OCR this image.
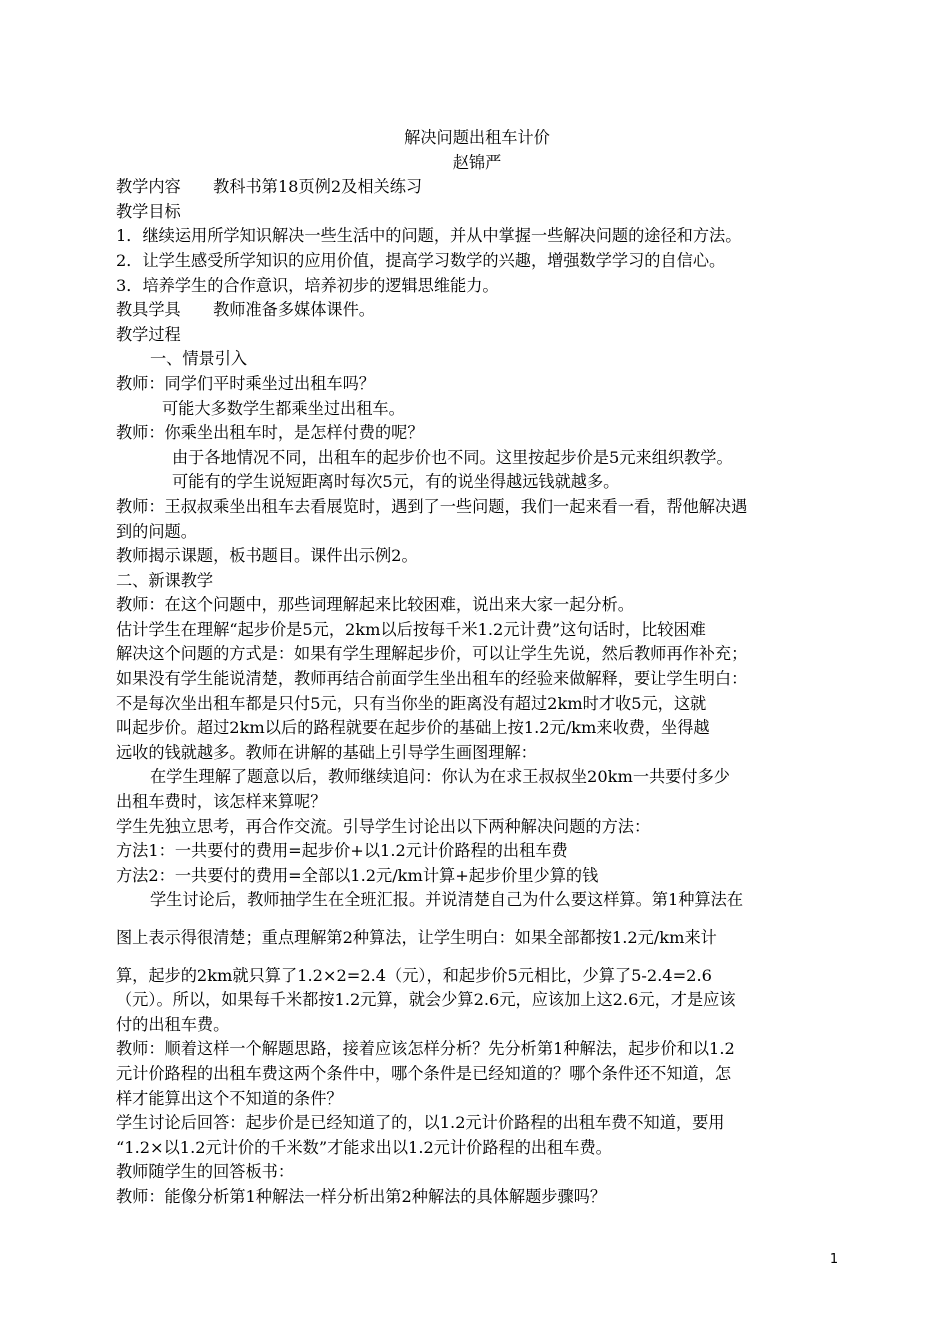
解决问题出租车计价
赵锦严
教学内容　　教科书第18页例2及相关练习
教学目标
1．继续运用所学知识解决一些生活中的问题，并从中掌握一些解决问题的途径和方法。
2．让学生感受所学知识的应用价值，提高学习数学的兴趣，增强数学学习的自信心。
3．培养学生的合作意识，培养初步的逻辑思维能力。
教具学具　　教师准备多媒体课件。
教学过程
一、情景引入
教师：同学们平时乘坐过出租车吗？
可能大多数学生都乘坐过出租车。
教师：你乘坐出租车时，是怎样付费的呢？
由于各地情况不同，出租车的起步价也不同。这里按起步价是5元来组织教学。
可能有的学生说短距离时每次5元，有的说坐得越远钱就越多。
教师：王叔叔乘坐出租车去看展览时，遇到了一些问题，我们一起来看一看，帮他解决遇
到的问题。
教师揭示课题，板书题目。课件出示例2。
二、新课教学
教师：在这个问题中，那些词理解起来比较困难，说出来大家一起分析。
估计学生在理解“起步价是5元，2km以后按每千米1.2元计费”这句话时，比较困难
解决这个问题的方式是：如果有学生理解起步价，可以让学生先说，然后教师再作补充；
如果没有学生能说清楚，教师再结合前面学生坐出租车的经验来做解释，要让学生明白：
不是每次坐出租车都是只付5元，只有当你坐的距离没有超过2km时才收5元，这就
叫起步价。超过2km以后的路程就要在起步价的基础上按1.2元/km来收费，坐得越
远收的钱就越多。教师在讲解的基础上引导学生画图理解：
在学生理解了题意以后，教师继续追问：你认为在求王叔叔坐20km一共要付多少
出租车费时，该怎样来算呢？
学生先独立思考，再合作交流。引导学生讨论出以下两种解决问题的方法：
方法1：一共要付的费用=起步价+以1.2元计价路程的出租车费
方法2：一共要付的费用=全部以1.2元/km计算+起步价里少算的钱
学生讨论后，教师抽学生在全班汇报。并说清楚自己为什么要这样算。第1种算法在
图上表示得很清楚；重点理解第2种算法，让学生明白：如果全部都按1.2元/km来计
算，起步的2km就只算了1.2×2=2.4（元），和起步价5元相比，少算了5-2.4=2.6
（元）。所以，如果每千米都按1.2元算，就会少算2.6元，应该加上这2.6元，才是应该
付的出租车费。
教师：顺着这样一个解题思路，接着应该怎样分析？先分析第1种解法，起步价和以1.2
元计价路程的出租车费这两个条件中，哪个条件是已经知道的？哪个条件还不知道，怎
样才能算出这个不知道的条件？
学生讨论后回答：起步价是已经知道了的，以1.2元计价路程的出租车费不知道，要用
“1.2×以1.2元计价的千米数”才能求出以1.2元计价路程的出租车费。
教师随学生的回答板书：
教师：能像分析第1种解法一样分析出第2种解法的具体解题步骤吗？
1
